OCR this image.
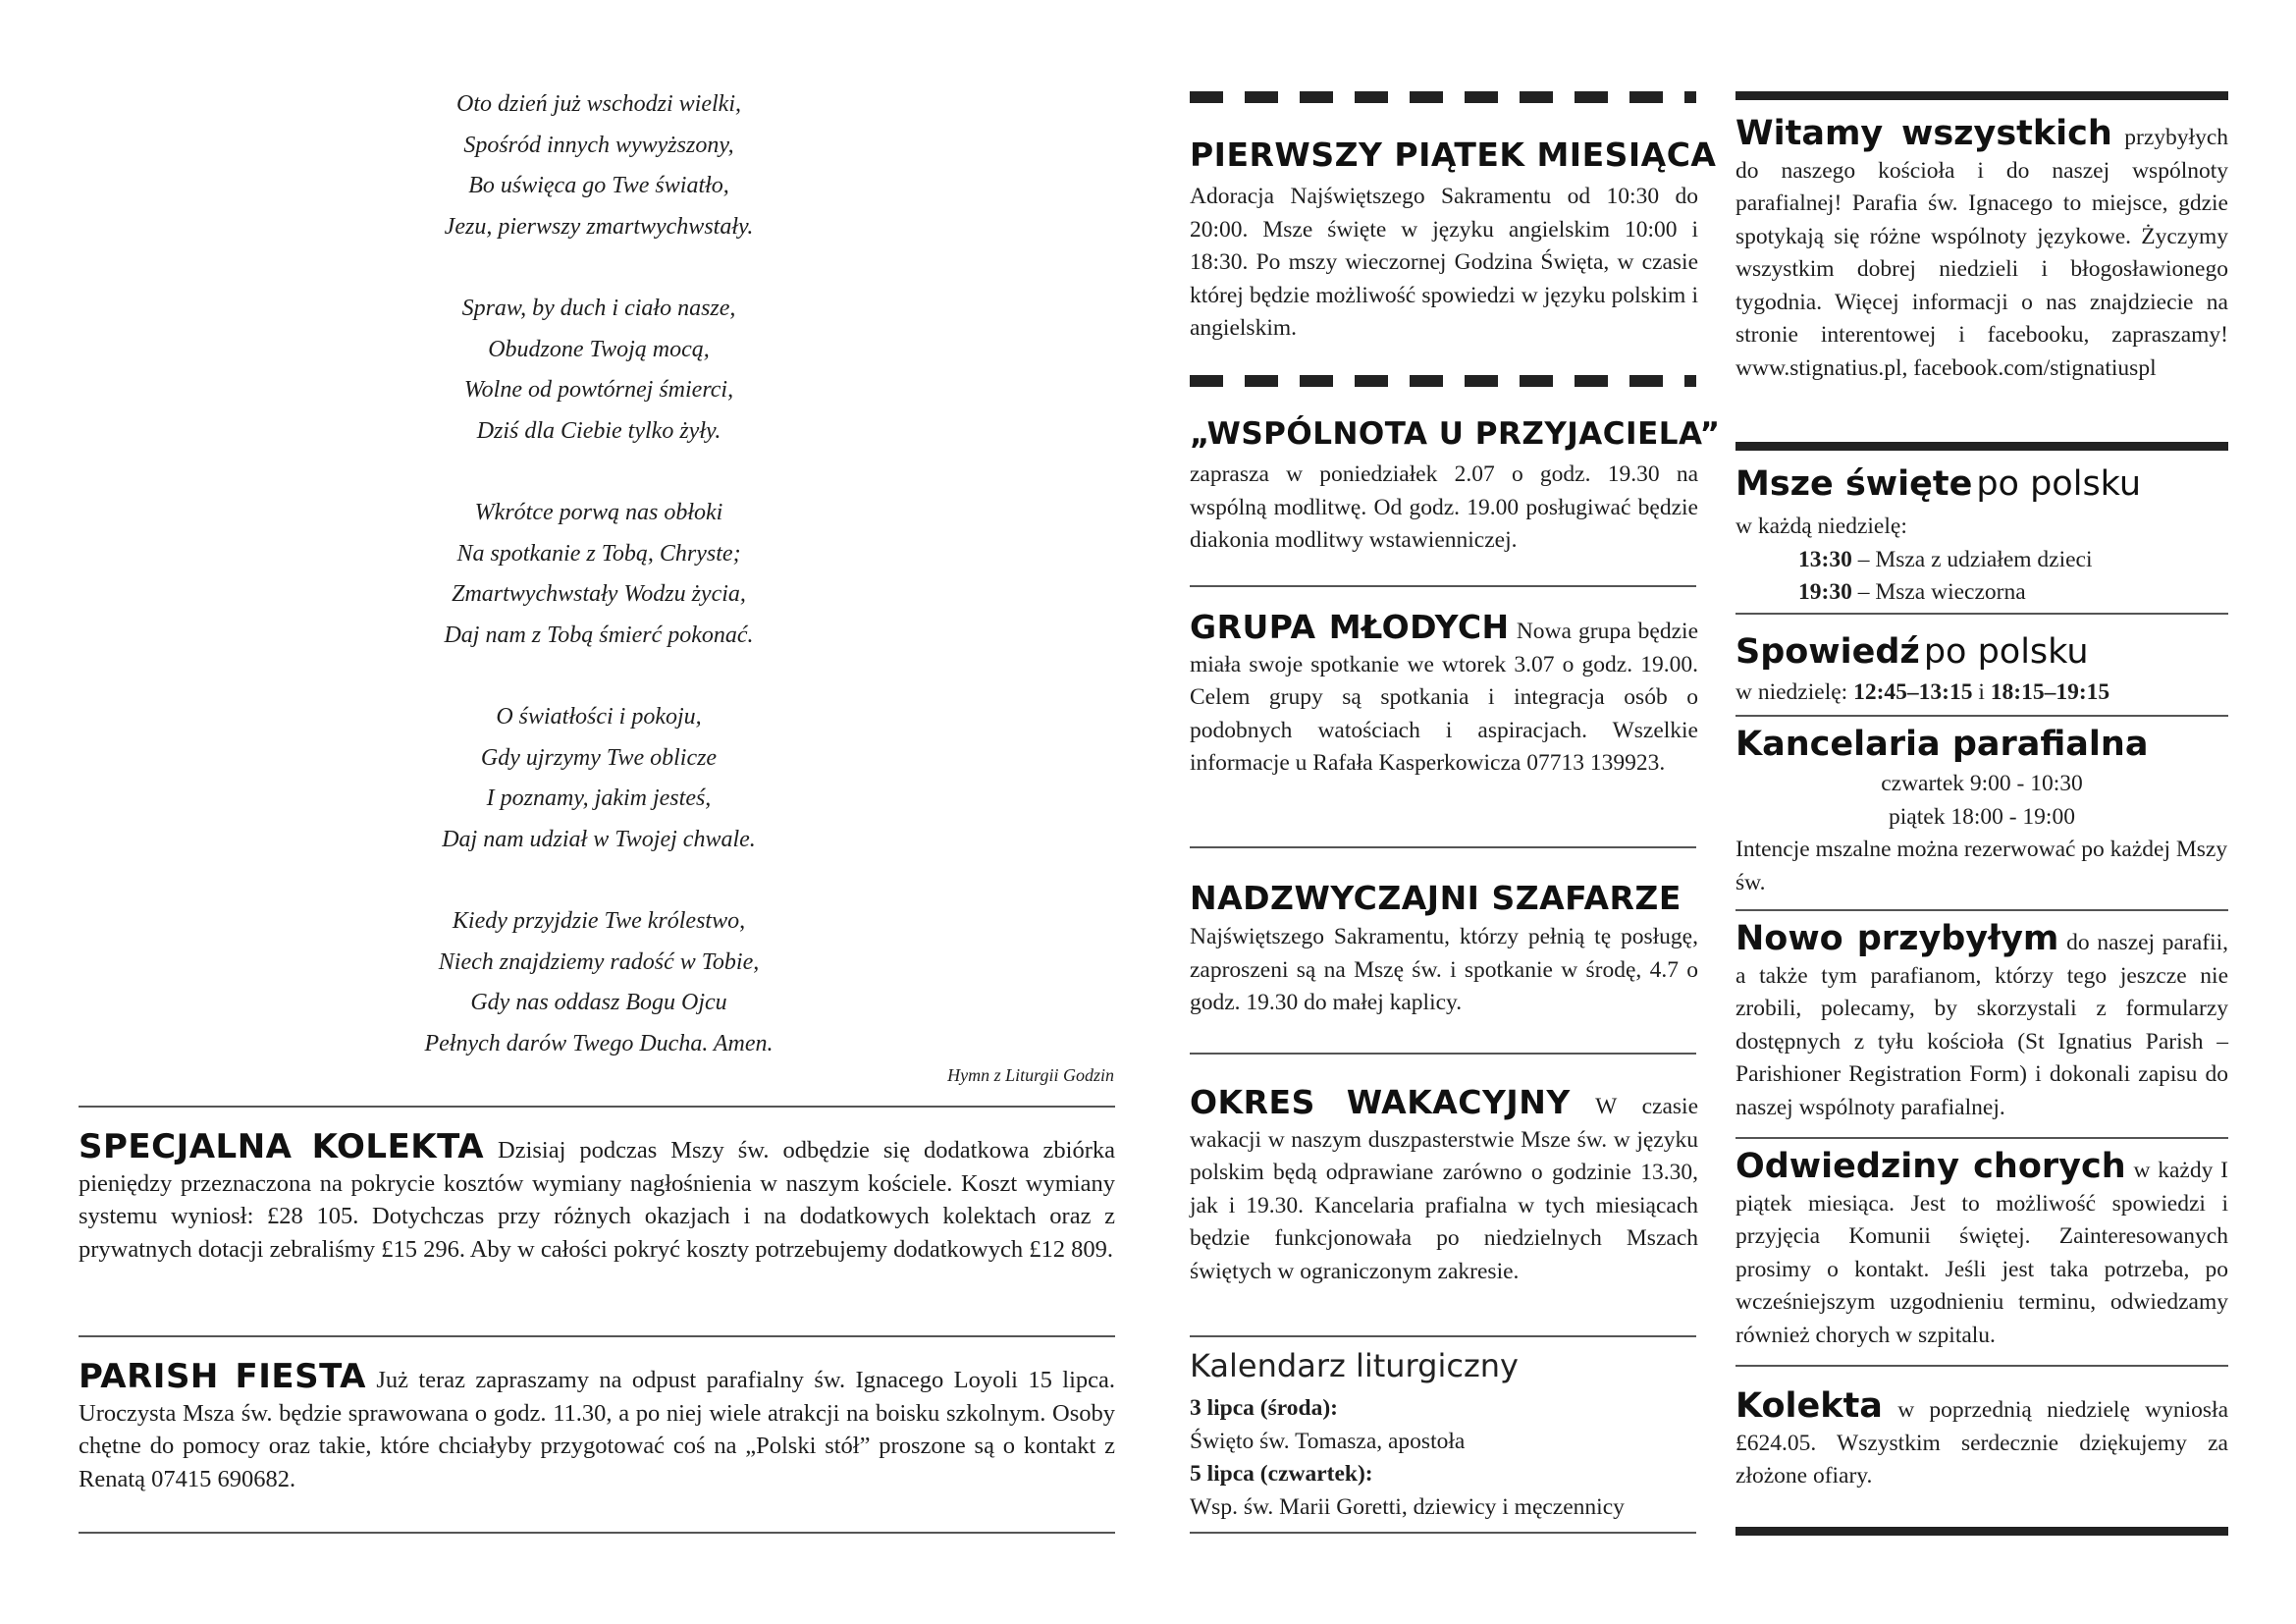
Oto dzień już wschodzi wielki,
Spośród innych wywyższony,
Bo uświęca go Twe światło,
Jezu, pierwszy zmartwychwstały.
Spraw, by duch i ciało nasze,
Obudzone Twoją mocą,
Wolne od powtórnej śmierci,
Dziś dla Ciebie tylko żyły.
Wkrótce porwą nas obłoki
Na spotkanie z Tobą, Chryste;
Zmartwychwstały Wodzu życia,
Daj nam z Tobą śmierć pokonać.
O światłości i pokoju,
Gdy ujrzymy Twe oblicze
I poznamy, jakim jesteś,
Daj nam udział w Twojej chwale.
Kiedy przyjdzie Twe królestwo,
Niech znajdziemy radość w Tobie,
Gdy nas oddasz Bogu Ojcu
Pełnych darów Twego Ducha. Amen.
Hymn z Liturgii Godzin
SPECJALNA KOLEKTA Dzisiaj podczas Mszy św. odbędzie się dodatkowa zbiórka pieniędzy przeznaczona na pokrycie kosztów wymiany nagłośnienia w naszym kościele. Koszt wymiany systemu wyniosł: £28 105. Dotychczas przy różnych okazjach i na dodatkowych kolektach oraz z prywatnych dotacji zebraliśmy £15 296. Aby w całości pokryć koszty potrzebujemy dodatkowych £12 809.
PARISH FIESTA Już teraz zapraszamy na odpust parafialny św. Ignacego Loyoli 15 lipca. Uroczysta Msza św. będzie sprawowana o godz. 11.30, a po niej wiele atrakcji na boisku szkolnym. Osoby chętne do pomocy oraz takie, które chciałyby przygotować coś na „Polski stół” proszone są o kontakt z Renatą 07415 690682.
PIERWSZY PIĄTEK MIESIĄCA
Adoracja Najświętszego Sakramentu od 10:30 do 20:00. Msze święte w języku angielskim 10:00 i 18:30. Po mszy wieczornej Godzina Święta, w czasie której będzie możliwość spowiedzi w języku polskim i angielskim.
„WSPÓLNOTA U PRZYJACIELA”
zaprasza w poniedziałek 2.07 o godz. 19.30 na wspólną modlitwę. Od godz. 19.00 posługiwać będzie diakonia modlitwy wstawienniczej.
GRUPA MŁODYCH Nowa grupa będzie miała swoje spotkanie we wtorek 3.07 o godz. 19.00. Celem grupy są spotkania i integracja osób o podobnych watościach i aspiracjach. Wszelkie informacje u Rafała Kasperkowicza 07713 139923.
NADZWYCZAJNI SZAFARZE
Najświętszego Sakramentu, którzy pełnią tę posługę, zaproszeni są na Mszę św. i spotkanie w środę, 4.7 o godz. 19.30 do małej kaplicy.
OKRES WAKACYJNY W czasie wakacji w naszym duszpasterstwie Msze św. w języku polskim będą odprawiane zarówno o godzinie 13.30, jak i 19.30. Kancelaria prafialna w tych miesiącach będzie funkcjonowała po niedzielnych Mszach świętych w ograniczonym zakresie.
Kalendarz liturgiczny
3 lipca (środa):
Święto św. Tomasza, apostoła
5 lipca (czwartek):
Wsp. św. Marii Goretti, dziewicy i męczennicy
Witamy wszystkich przybyłych do naszego kościoła i do naszej wspólnoty parafialnej! Parafia św. Ignacego to miejsce, gdzie spotykają się różne wspólnoty językowe. Życzymy wszystkim dobrej niedzieli i błogosławionego tygodnia. Więcej informacji o nas znajdziecie na stronie interentowej i facebooku, zapraszamy! www.stignatius.pl, facebook.com/stignatiuspl
Msze święte po polsku
w każdą niedzielę:
13:30 – Msza z udziałem dzieci
19:30 – Msza wieczorna
Spowiedź po polsku
w niedzielę: 12:45–13:15 i 18:15–19:15
Kancelaria parafialna
czwartek 9:00 - 10:30
piątek 18:00 - 19:00
Intencje mszalne można rezerwować po każdej Mszy św.
Nowo przybyłym do naszej parafii, a także tym parafianom, którzy tego jeszcze nie zrobili, polecamy, by skorzystali z formularzy dostępnych z tyłu kościoła (St Ignatius Parish – Parishioner Registration Form) i dokonali zapisu do naszej wspólnoty parafialnej.
Odwiedziny chorych w każdy I piątek miesiąca. Jest to możliwość spowiedzi i przyjęcia Komunii świętej. Zainteresowanych prosimy o kontakt. Jeśli jest taka potrzeba, po wcześniejszym uzgodnieniu terminu, odwiedzamy również chorych w szpitalu.
Kolekta w poprzednią niedzielę wyniosła £624.05. Wszystkim serdecznie dziękujemy za złożone ofiary.
